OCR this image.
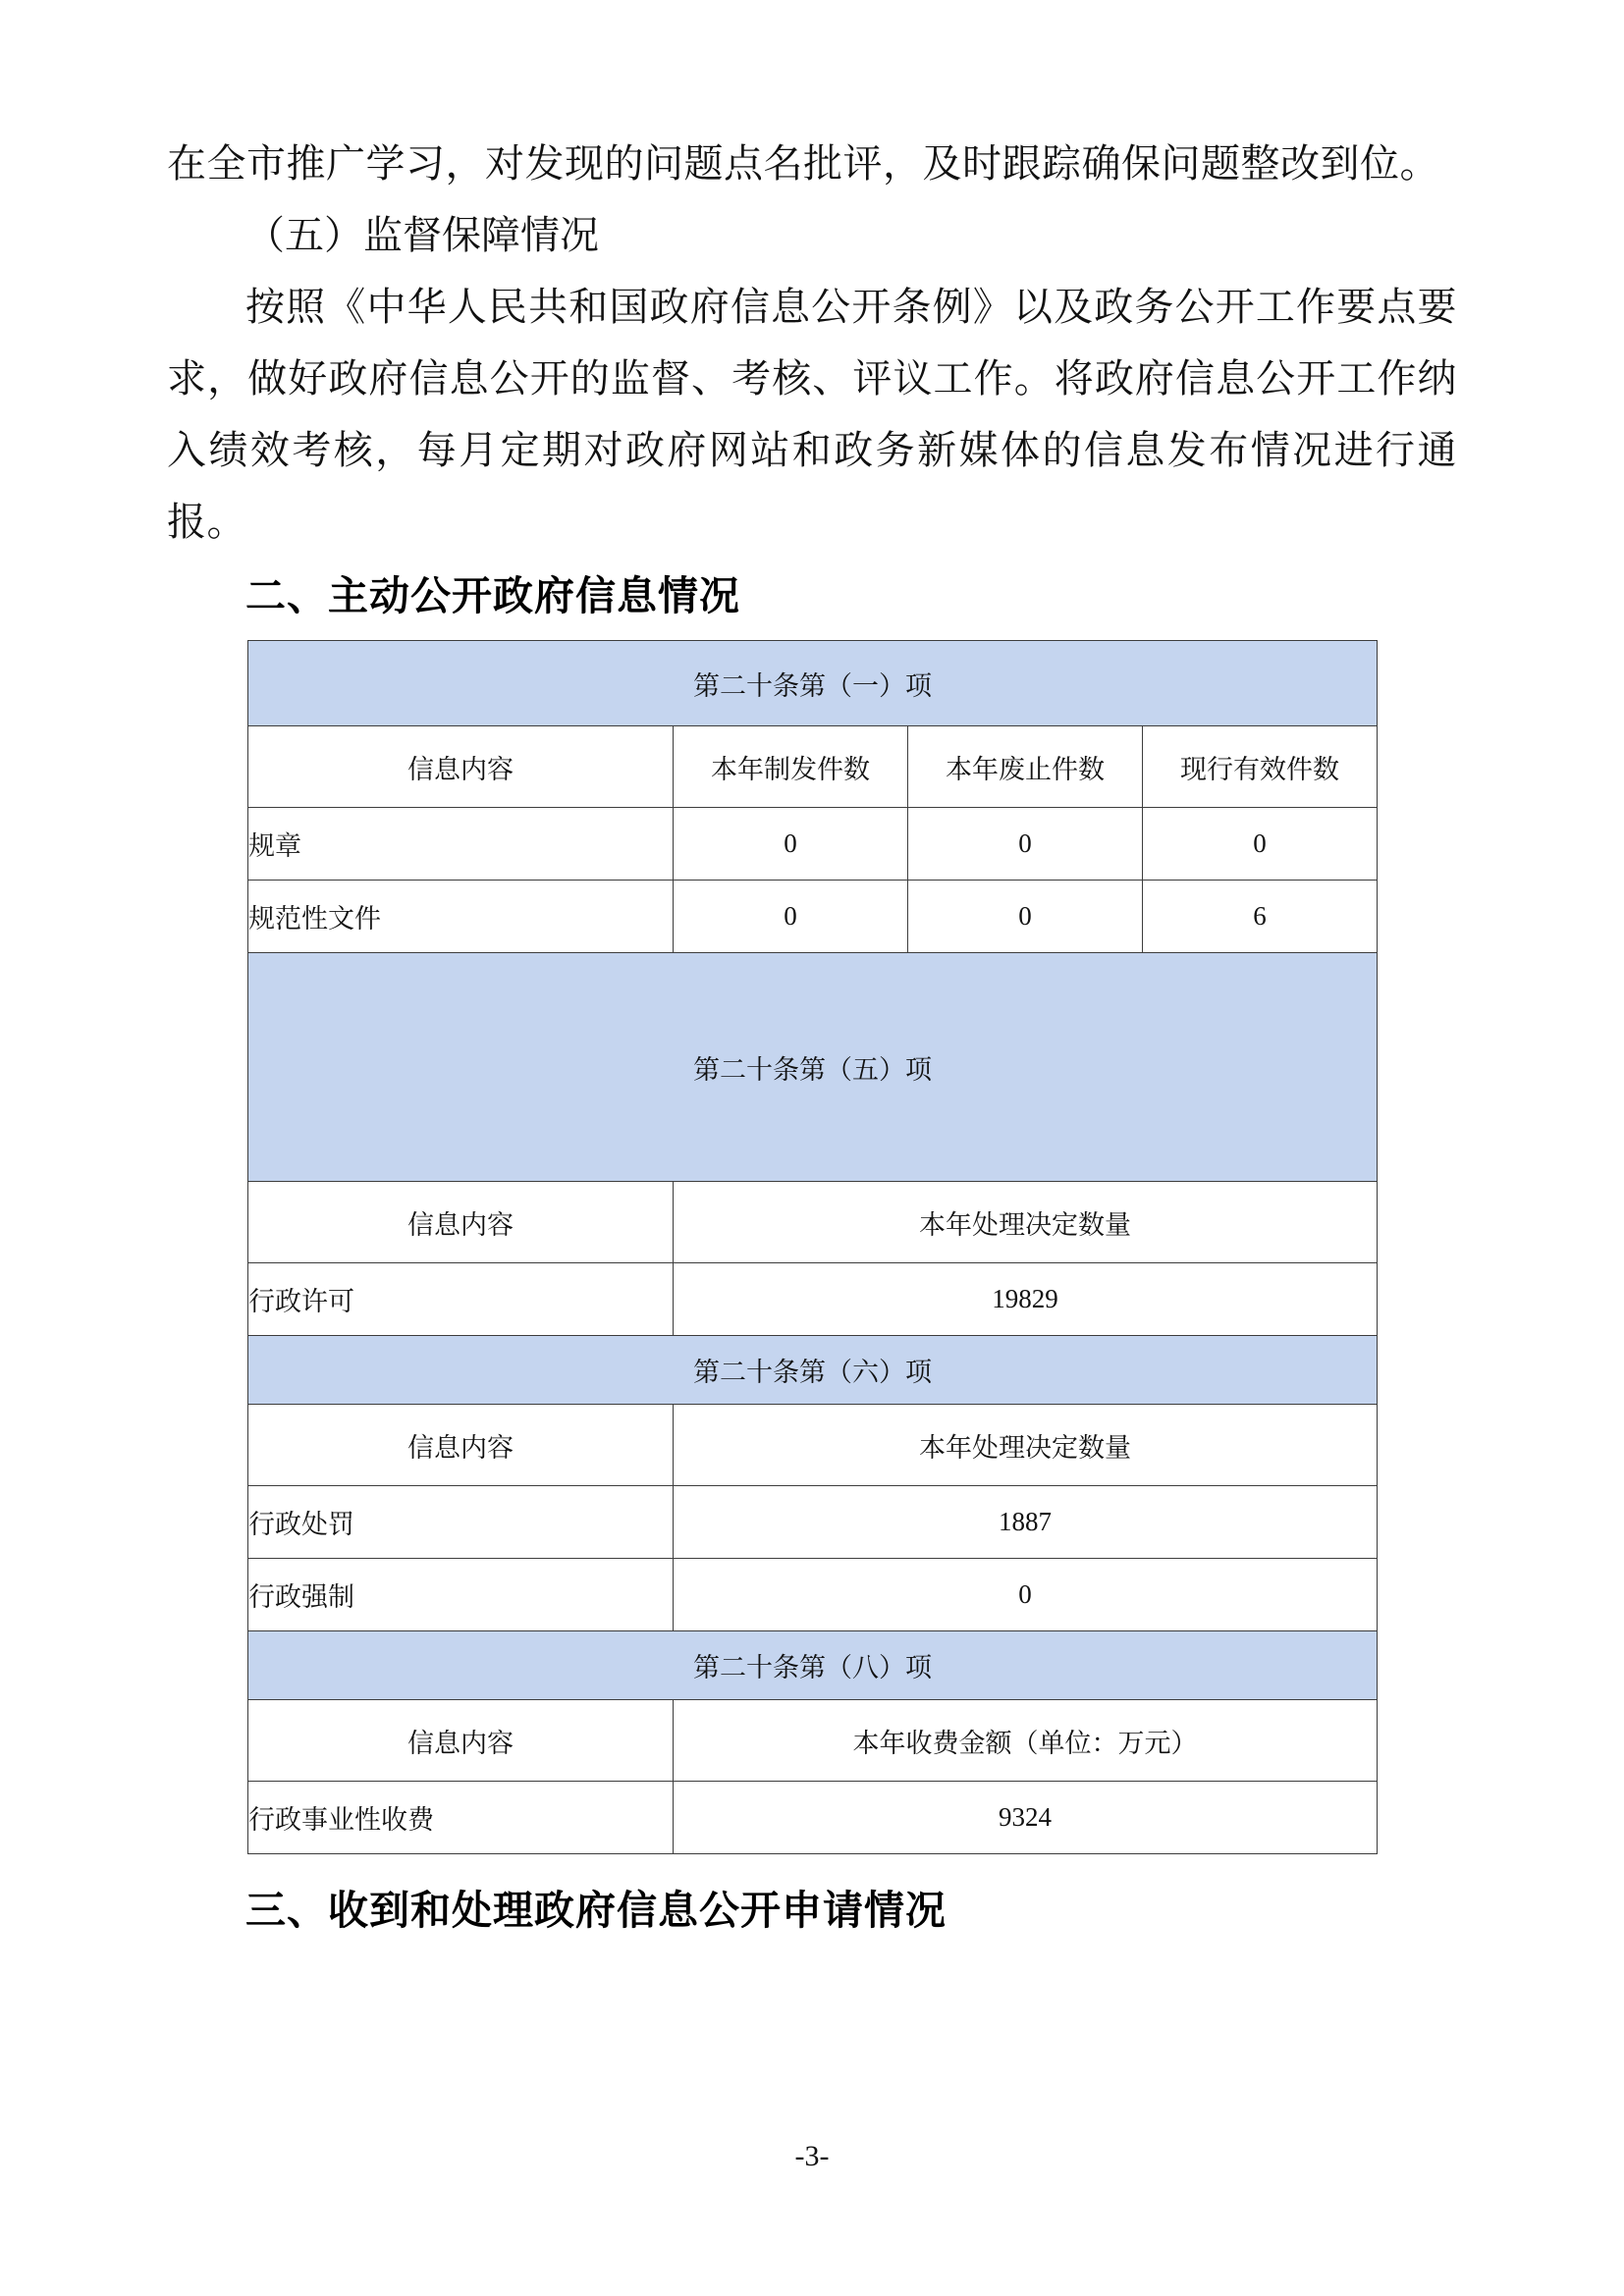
在全市推广学习，对发现的问题点名批评，及时跟踪确保问题整改到位。

（五）监督保障情况

按照《中华人民共和国政府信息公开条例》以及政务公开工作要点要求，做好政府信息公开的监督、考核、评议工作。将政府信息公开工作纳入绩效考核，每月定期对政府网站和政务新媒体的信息发布情况进行通报。

二、主动公开政府信息情况
第二十条第（一）项			
信息内容	本年制发件数	本年废止件数	现行有效件数
规章	0	0	0
规范性文件	0	0	6
第二十条第（五）项			
信息内容	本年处理决定数量		
行政许可	19829		
第二十条第（六）项			
信息内容	本年处理决定数量		
行政处罚	1887		
行政强制	0		
第二十条第（八）项			
信息内容	本年收费金额（单位：万元）		
行政事业性收费	9324		
三、收到和处理政府信息公开申请情况
-3-
